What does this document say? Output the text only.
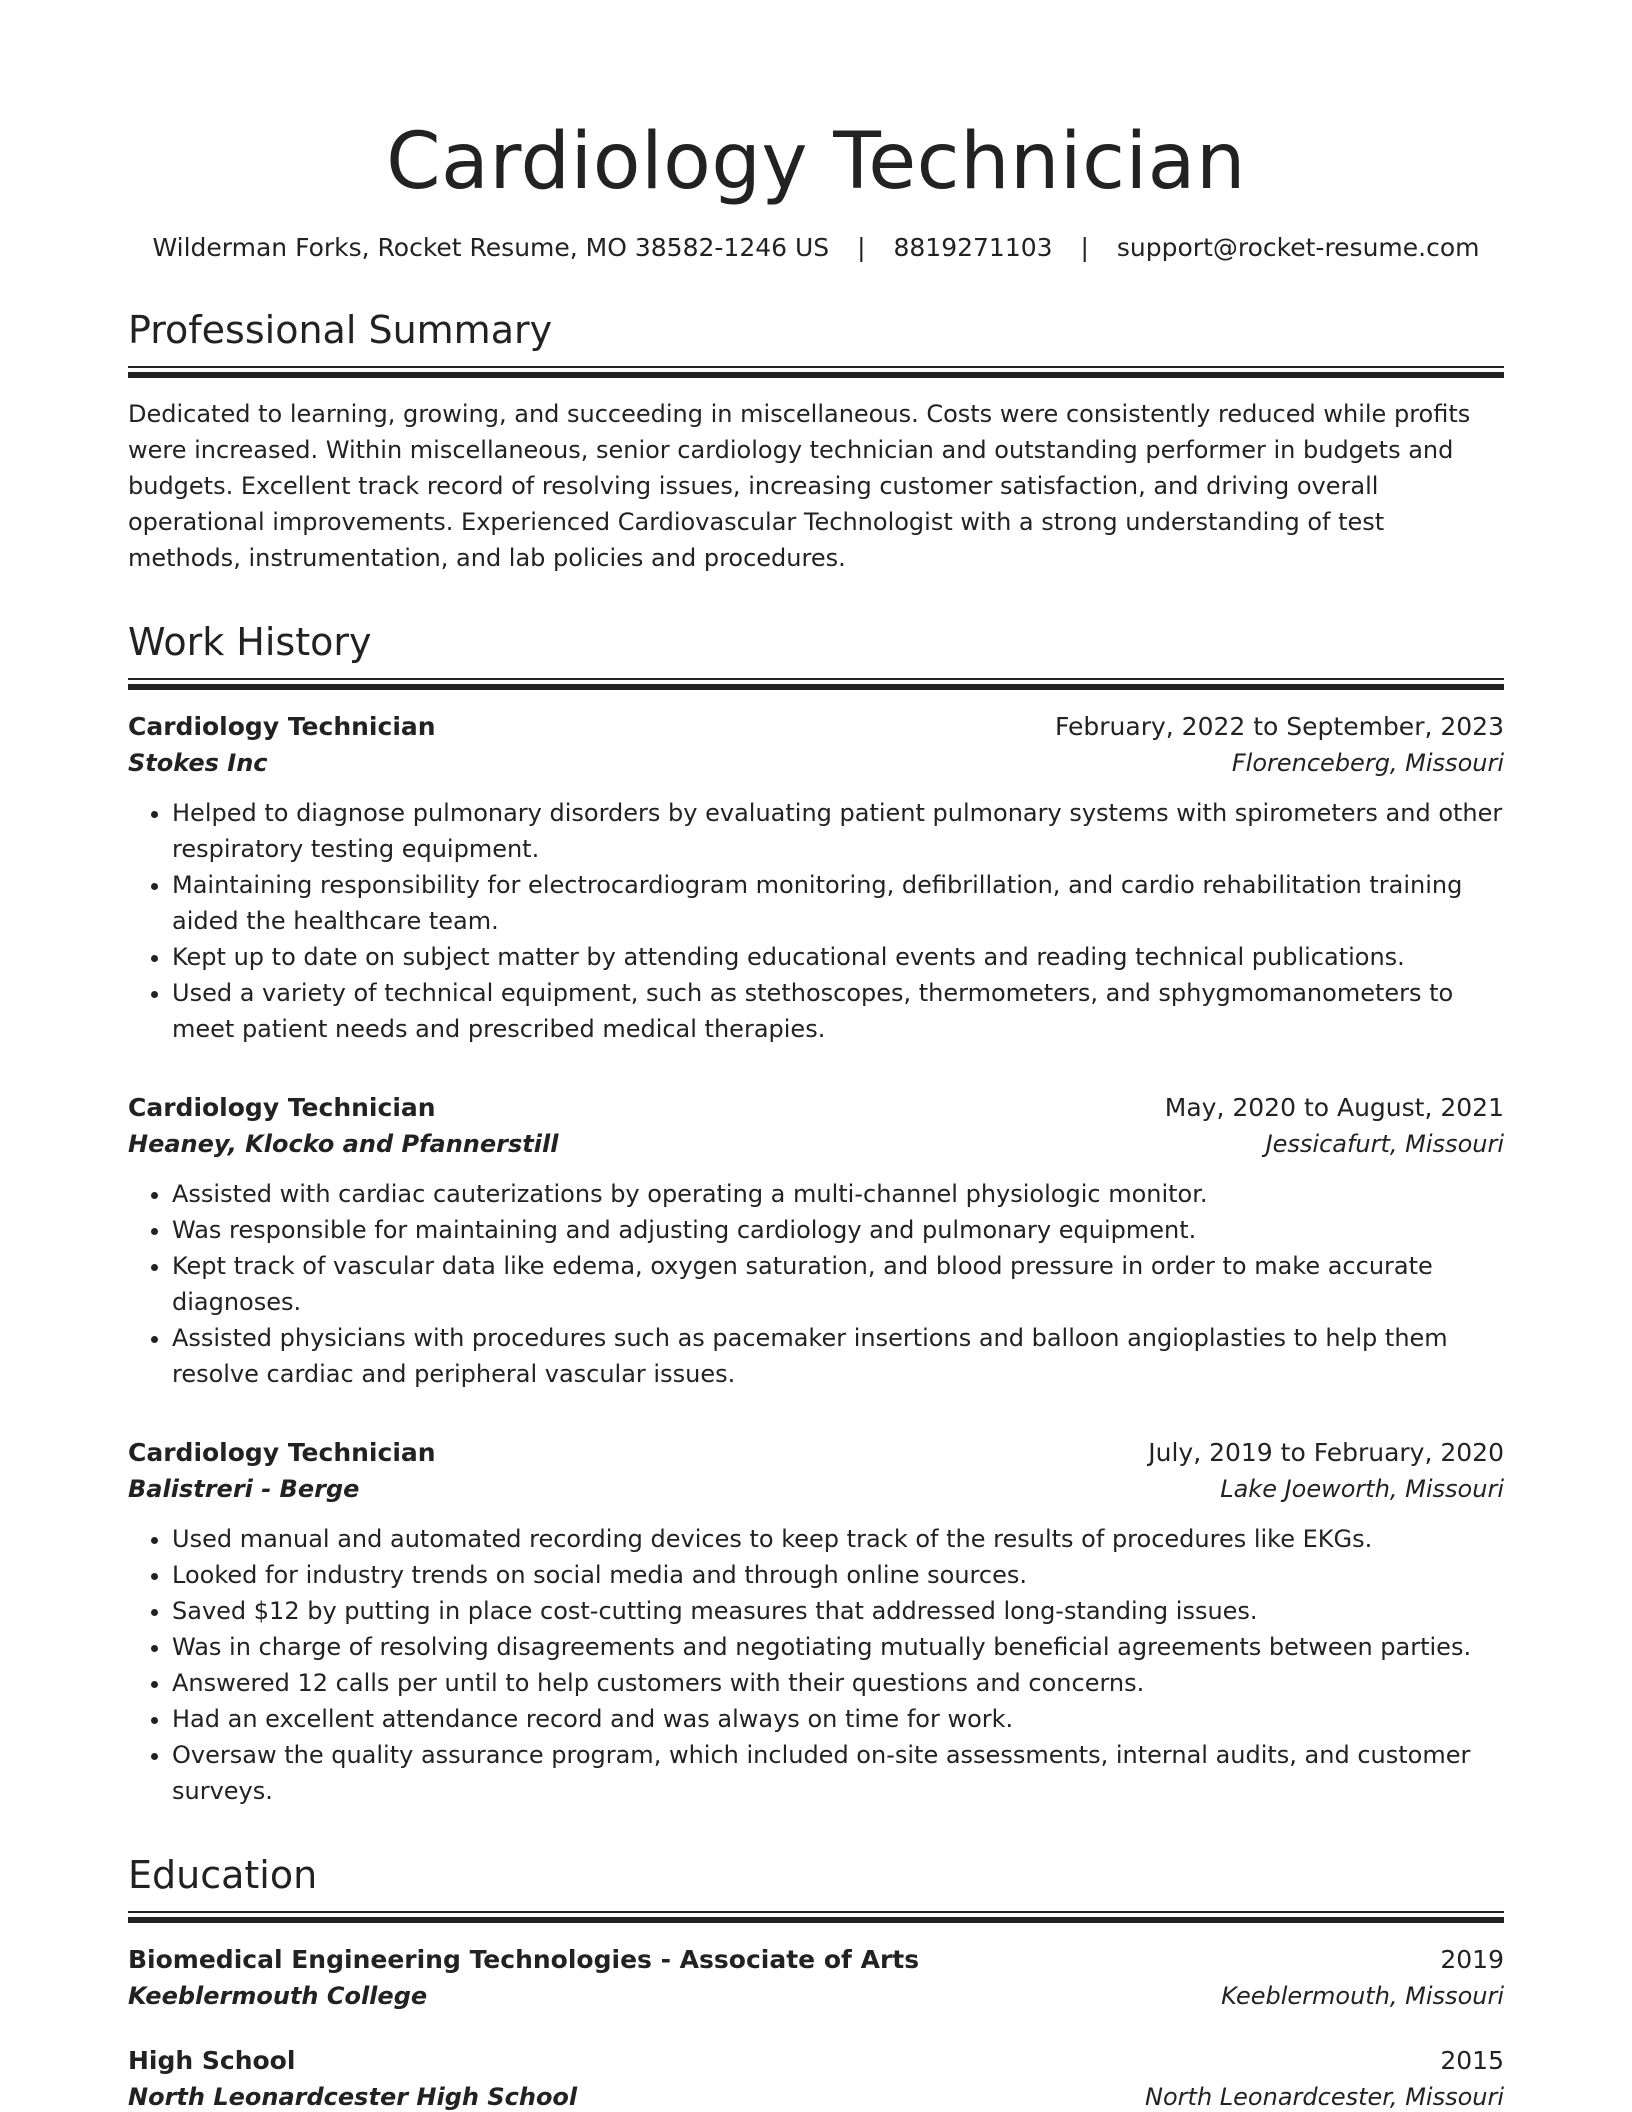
Cardiology Technician
Wilderman Forks, Rocket Resume, MO 38582-1246 US | 8819271103 | support@rocket-resume.com
Professional Summary
Dedicated to learning, growing, and succeeding in miscellaneous. Costs were consistently reduced while profits were increased. Within miscellaneous, senior cardiology technician and outstanding performer in budgets and budgets. Excellent track record of resolving issues, increasing customer satisfaction, and driving overall operational improvements. Experienced Cardiovascular Technologist with a strong understanding of test methods, instrumentation, and lab policies and procedures.
Work History
Cardiology Technician	February, 2022 to September, 2023
Stokes Inc	Florenceberg, Missouri
• Helped to diagnose pulmonary disorders by evaluating patient pulmonary systems with spirometers and other respiratory testing equipment.
• Maintaining responsibility for electrocardiogram monitoring, defibrillation, and cardio rehabilitation training aided the healthcare team.
• Kept up to date on subject matter by attending educational events and reading technical publications.
• Used a variety of technical equipment, such as stethoscopes, thermometers, and sphygmomanometers to meet patient needs and prescribed medical therapies.
Cardiology Technician	May, 2020 to August, 2021
Heaney, Klocko and Pfannerstill	Jessicafurt, Missouri
• Assisted with cardiac cauterizations by operating a multi-channel physiologic monitor.
• Was responsible for maintaining and adjusting cardiology and pulmonary equipment.
• Kept track of vascular data like edema, oxygen saturation, and blood pressure in order to make accurate diagnoses.
• Assisted physicians with procedures such as pacemaker insertions and balloon angioplasties to help them resolve cardiac and peripheral vascular issues.
Cardiology Technician	July, 2019 to February, 2020
Balistreri - Berge	Lake Joeworth, Missouri
• Used manual and automated recording devices to keep track of the results of procedures like EKGs.
• Looked for industry trends on social media and through online sources.
• Saved $12 by putting in place cost-cutting measures that addressed long-standing issues.
• Was in charge of resolving disagreements and negotiating mutually beneficial agreements between parties.
• Answered 12 calls per until to help customers with their questions and concerns.
• Had an excellent attendance record and was always on time for work.
• Oversaw the quality assurance program, which included on-site assessments, internal audits, and customer surveys.
Education
Biomedical Engineering Technologies - Associate of Arts	2019
Keeblermouth College	Keeblermouth, Missouri
High School	2015
North Leonardcester High School	North Leonardcester, Missouri
